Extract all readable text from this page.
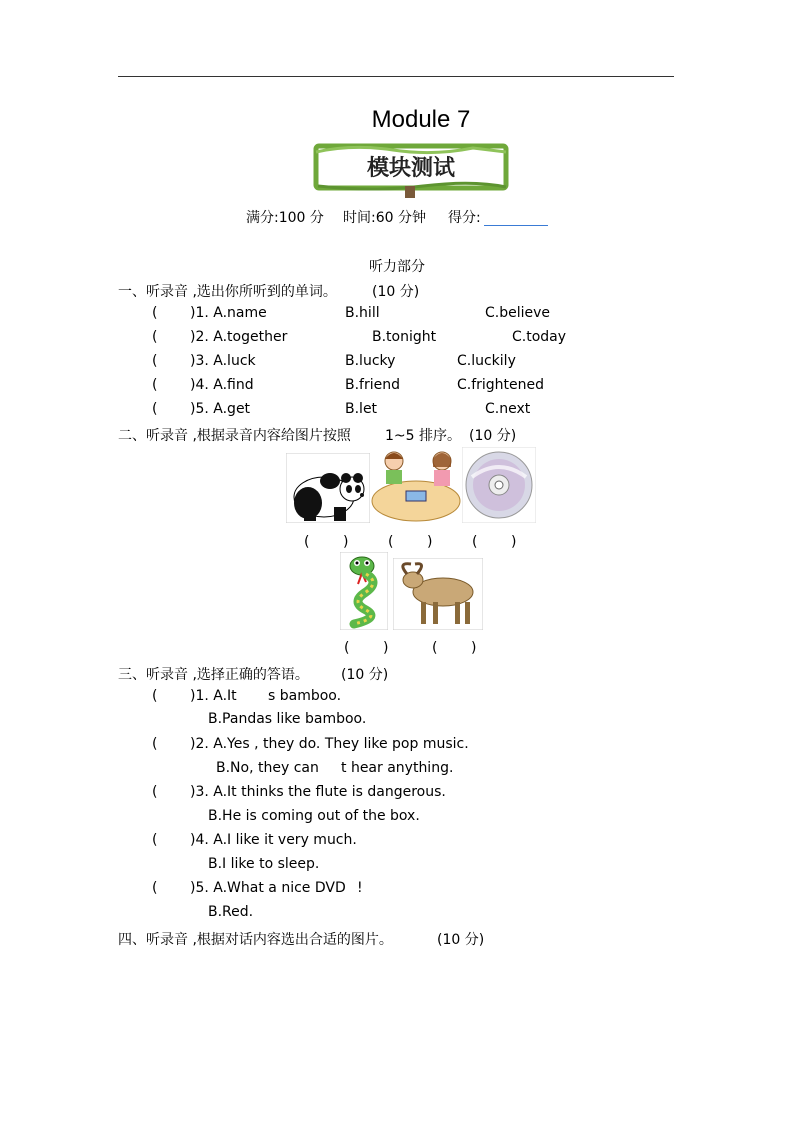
Module 7
模块测试
满分:100 分 时间:60 分钟 得分:
听力部分
一、听录音 ,选出你所听到的单词。	(10 分)
( )1. A.name	B.hill	C.believe
( )2. A.together	B.tonight	C.today
( )3. A.luck	B.lucky	C.luckily
( )4. A.find	B.friend	C.frightened
( )5. A.get	B.let	C.next
二、听录音 ,根据录音内容给图片按照 1~5 排序。 (10 分)
( )	( )	( )
( )	( )
三、听录音 ,选择正确的答语。 (10 分)
( )1. A.It s bamboo.
B.Pandas like bamboo.
( )2. A.Yes , they do. They like pop music.
B.No, they can t hear anything.
( )3. A.It thinks the flute is dangerous.
B.He is coming out of the box.
( )4. A.I like it very much.
B.I like to sleep.
( )5. A.What a nice DVD !
B.Red.
四、听录音 ,根据对话内容选出合适的图片。	(10 分)
